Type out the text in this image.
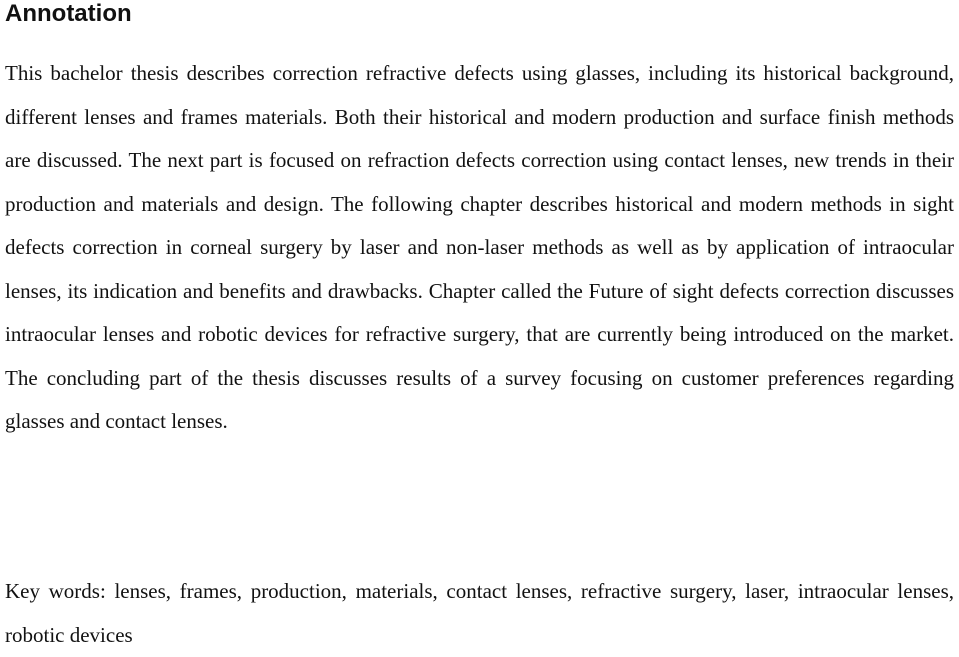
Annotation

This bachelor thesis describes correction refractive defects using glasses, including its historical background, different lenses and frames materials. Both their historical and modern production and surface finish methods are discussed. The next part is focused on refraction defects correction using contact lenses, new trends in their production and materials and design. The following chapter describes historical and modern methods in sight defects correction in corneal surgery by laser and non-laser methods as well as by application of intraocular lenses, its indication and benefits and drawbacks. Chapter called the Future of sight defects correction discusses intraocular lenses and robotic devices for refractive surgery, that are currently being introduced on the market. The concluding part of the thesis discusses results of a survey focusing on customer preferences regarding glasses and contact lenses.

Key words: lenses, frames, production, materials, contact lenses, refractive surgery, laser, intraocular lenses, robotic devices
